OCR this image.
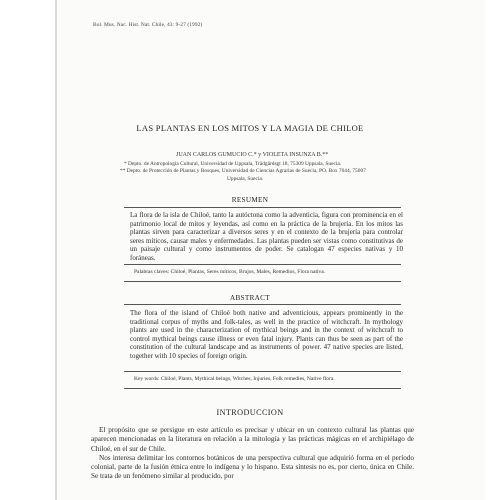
Bol. Mus. Nac. Hist. Nat. Chile, 43: 9-27 (1992)
LAS PLANTAS EN LOS MITOS Y LA MAGIA DE CHILOE
JUAN CARLOS GUMUCIO C.* y VIOLETA INSUNZA B.**
* Depto. de Antropología Cultural, Universidad de Uppsala, Trädgårdsgt 18, 75309 Uppsala, Suecia.
** Depto. de Protección de Plantas y Bosques, Universidad de Ciencias Agrarias de Suecia, PO. Box 7044, 75007
Uppsala, Suecia.
RESUMEN
La flora de la isla de Chiloé, tanto la autóctona como la adventicia, figura con prominencia en el patrimonio local de mitos y leyendas, así como en la práctica de la brujería. En los mitos las plantas sirven para caracterizar a diversos seres y en el contexto de la brujería para controlar seres míticos, causar males y enfermedades. Las plantas pueden ser vistas como constitutivas de un paisaje cultural y como instrumentos de poder. Se catalogan 47 especies nativas y 10 foráneas.
Palabras claves: Chiloé, Plantas, Seres míticos, Brujos, Males, Remedios, Flora nativa.
ABSTRACT
The flora of the island of Chiloé both native and adventicious, appears prominently in the traditional corpus of myths and folk-tales, as well in the practice of witchcraft. In mythology plants are used in the characterization of mythical beings and in the context of witchcraft to control mythical beings cause illness or even fatal injury. Plants can thus be seen as part of the constitution of the cultural landscape and as instruments of power. 47 native species are listed, together with 10 species of foreign origin.
Key words: Chiloé, Plants, Mythical beings, Witches, Injuries, Folk remedies, Native flora.
INTRODUCCION

El propósito que se persigue en este artículo es precisar y ubicar en un contexto cultural las plantas que aparecen mencionadas en la literatura en relación a la mitología y las prácticas mágicas en el archipiélago de Chiloé, en el sur de Chile.

Nos interesa delimitar los contornos botánicos de una perspectiva cultural que adquirió forma en el período colonial, parte de la fusión étnica entre lo indígena y lo hispano. Esta síntesis no es, por cierto, única en Chile. Se trata de un fenómeno similar al producido, por
